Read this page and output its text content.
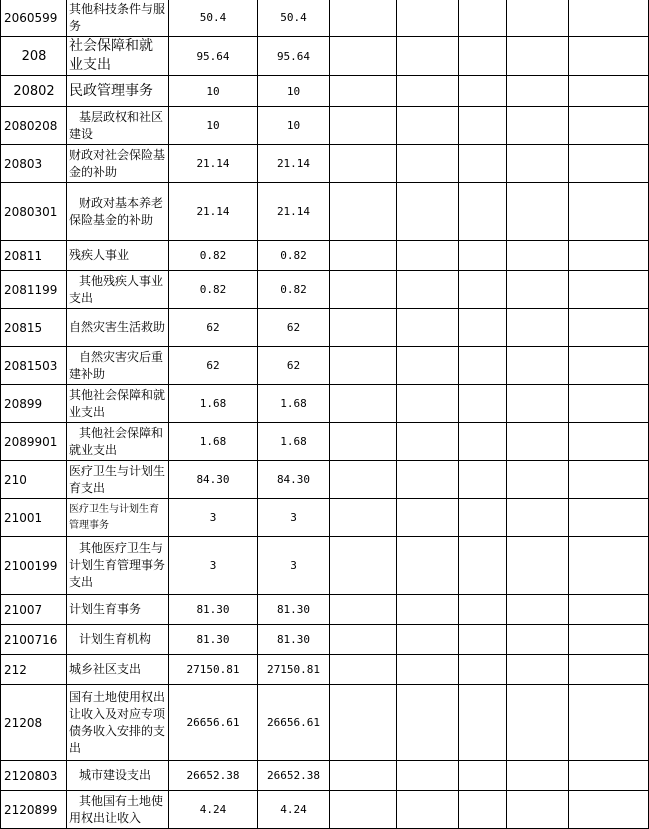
2060599	其他科技条件与服务	50.4	50.4					
208	社会保障和就业支出	95.64	95.64					
20802	民政管理事务	10	10					
2080208	基层政权和社区建设	10	10					
20803	财政对社会保险基金的补助	21.14	21.14					
2080301	财政对基本养老保险基金的补助	21.14	21.14					
20811	残疾人事业	0.82	0.82					
2081199	其他残疾人事业支出	0.82	0.82					
20815	自然灾害生活救助	62	62					
2081503	自然灾害灾后重建补助	62	62					
20899	其他社会保障和就业支出	1.68	1.68					
2089901	其他社会保障和就业支出	1.68	1.68					
210	医疗卫生与计划生育支出	84.30	84.30					
21001	医疗卫生与计划生育管理事务	3	3					
2100199	其他医疗卫生与计划生育管理事务支出	3	3					
21007	计划生育事务	81.30	81.30					
2100716	计划生育机构	81.30	81.30					
212	城乡社区支出	27150.81	27150.81					
21208	国有土地使用权出让收入及对应专项债务收入安排的支出	26656.61	26656.61					
2120803	城市建设支出	26652.38	26652.38					
2120899	其他国有土地使用权出让收入	4.24	4.24					
